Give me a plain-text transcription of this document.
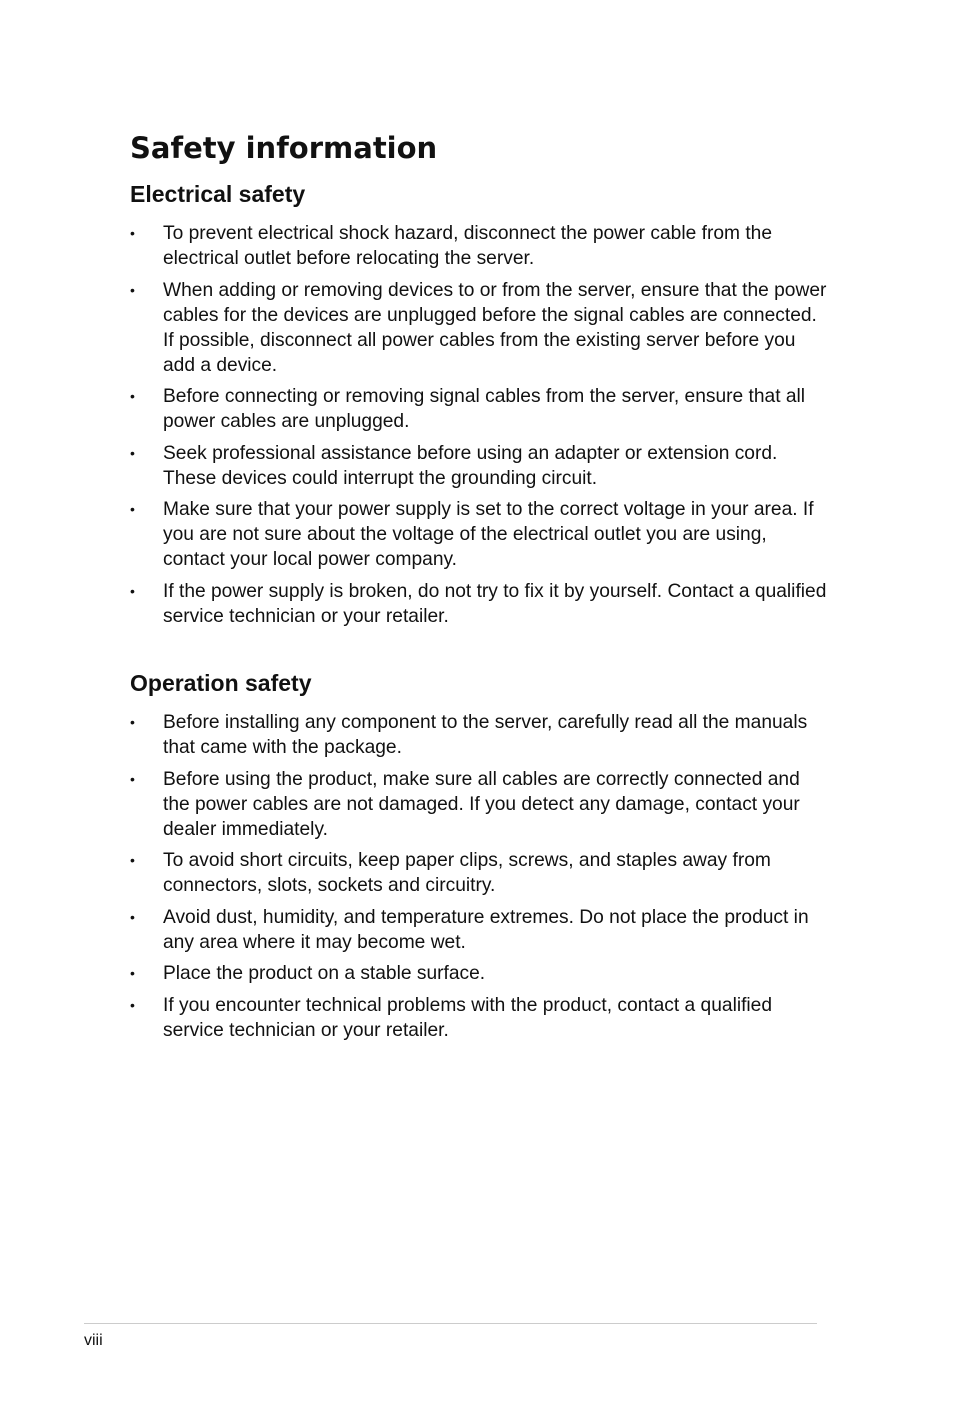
Safety information
Electrical safety
•	To prevent electrical shock hazard, disconnect the power cable from the electrical outlet before relocating the server.
•	When adding or removing devices to or from the server, ensure that the power cables for the devices are unplugged before the signal cables are connected. If possible, disconnect all power cables from the existing server before you add a device.
•	Before connecting or removing signal cables from the server, ensure that all power cables are unplugged.
•	Seek professional assistance before using an adapter or extension cord. These devices could interrupt the grounding circuit.
•	Make sure that your power supply is set to the correct voltage in your area. If you are not sure about the voltage of the electrical outlet you are using, contact your local power company.
•	If the power supply is broken, do not try to fix it by yourself. Contact a qualified service technician or your retailer.
Operation safety
•	Before installing any component to the server, carefully read all the manuals that came with the package.
•	Before using the product, make sure all cables are correctly connected and the power cables are not damaged. If you detect any damage, contact your dealer immediately.
•	To avoid short circuits, keep paper clips, screws, and staples away from connectors, slots, sockets and circuitry.
•	Avoid dust, humidity, and temperature extremes. Do not place the product in any area where it may become wet.
•	Place the product on a stable surface.
•	If you encounter technical problems with the product, contact a qualified service technician or your retailer.
viii
